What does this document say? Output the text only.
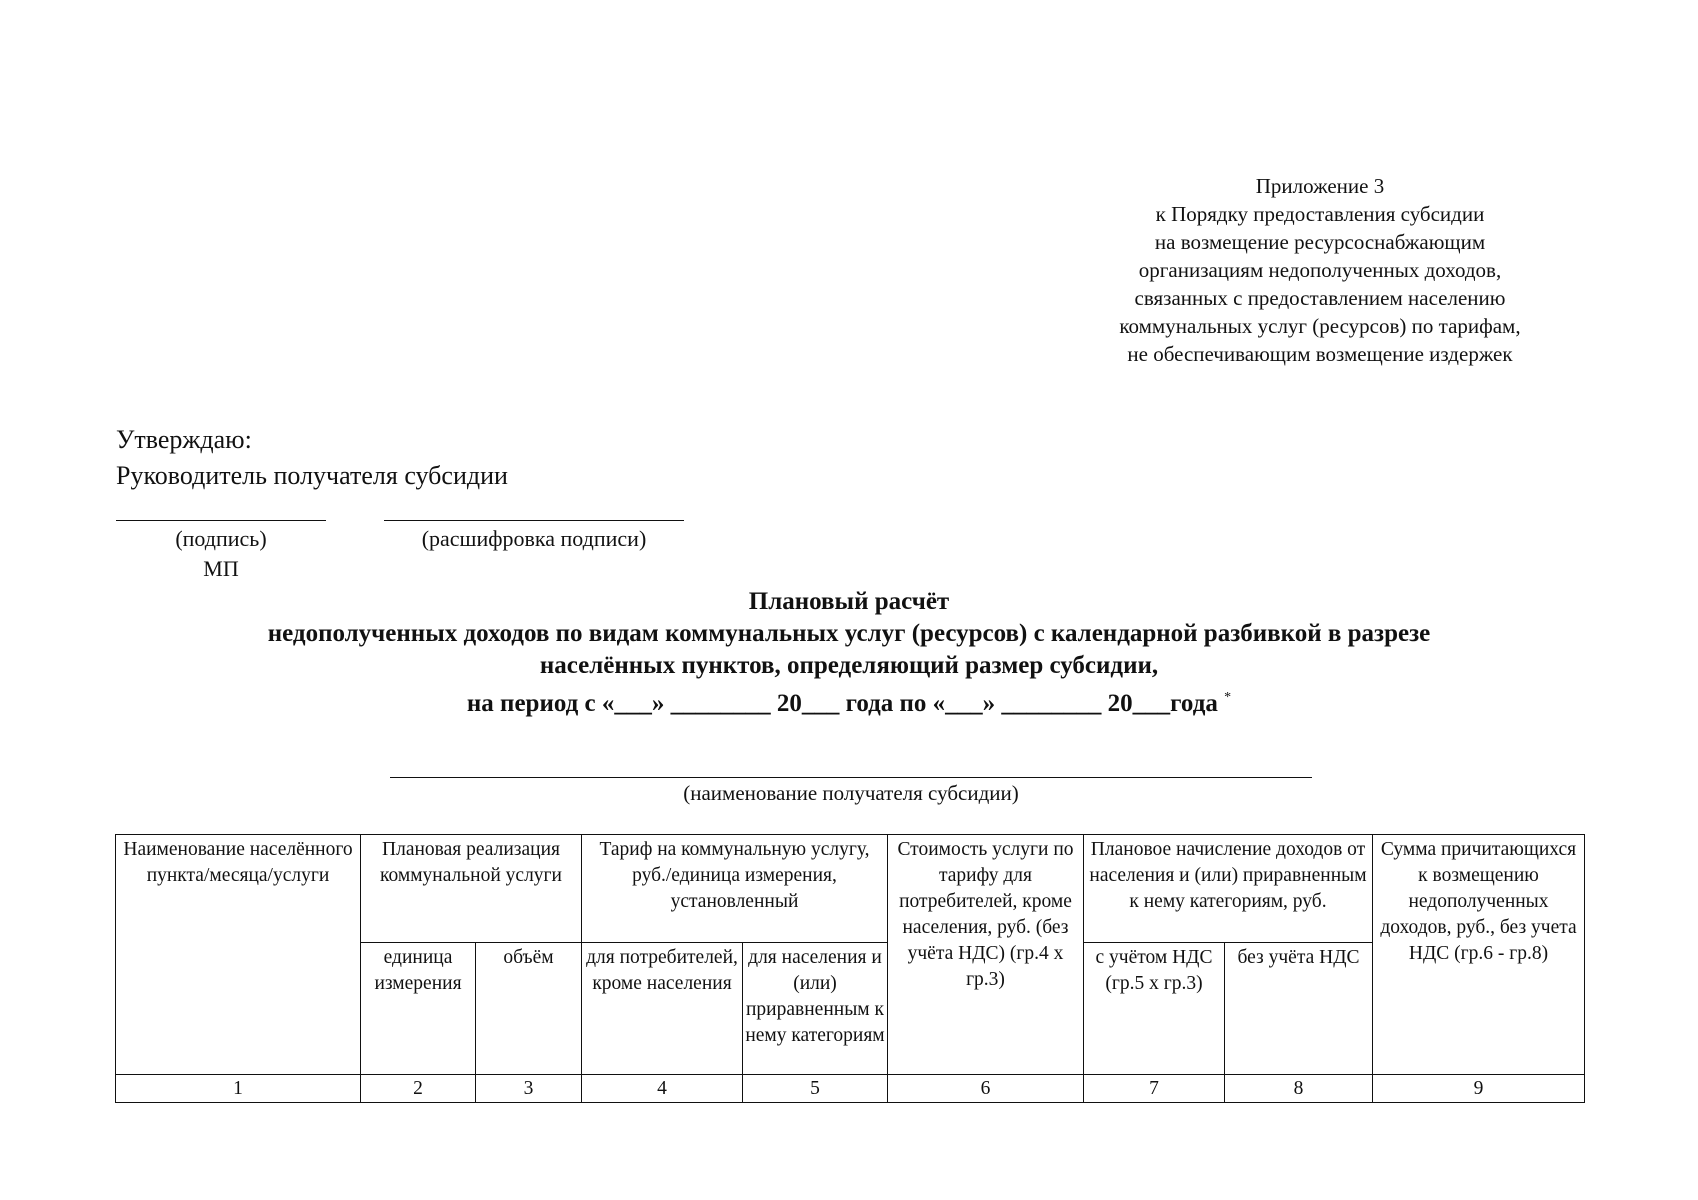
Приложение 3
к Порядку предоставления субсидии
на возмещение ресурсоснабжающим
организациям недополученных доходов,
связанных с предоставлением населению
коммунальных услуг (ресурсов) по тарифам,
не обеспечивающим возмещение издержек
Утверждаю:
Руководитель получателя субсидии
(подпись)	(расшифровка подписи)
МП
Плановый расчёт
недополученных доходов по видам коммунальных услуг (ресурсов) с календарной разбивкой в разрезе
населённых пунктов, определяющий размер субсидии,
на период с «___» ________ 20___ года по «___» ________ 20___года *
(наименование получателя субсидии)
Наименование населённого пункта/месяца/услуги	Плановая реализация коммунальной услуги		Тариф на коммунальную услугу, руб./единица измерения, установленный		Стоимость услуги по тарифу для потребителей, кроме населения, руб. (без учёта НДС) (гр.4 х гр.3)	Плановое начисление доходов от населения и (или) приравненным к нему категориям, руб.		Сумма причитающихся к возмещению недополученных доходов, руб., без учета НДС (гр.6 - гр.8)
	единица измерения	объём	для потребителей, кроме населения	для населения и (или) приравненным к нему категориям		с учётом НДС (гр.5 х гр.3)	без учёта НДС	
1	2	3	4	5	6	7	8	9
